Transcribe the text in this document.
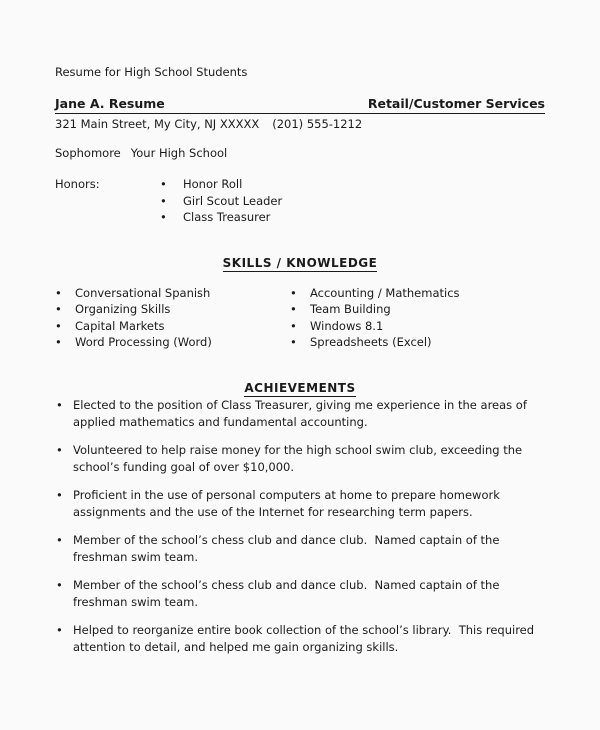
Resume for High School Students
Jane A. Resume	Retail/Customer Services
321 Main Street, My City, NJ XXXXX (201) 555-1212
Sophomore Your High School
Honors: •	Honor Roll
•
Girl Scout Leader
•
Class Treasurer
SKILLS / KNOWLEDGE
•
Conversational Spanish
•
Organizing Skills
•
Capital Markets
•
Word Processing (Word)
•
Accounting / Mathematics
•
Team Building
•
Windows 8.1
•
Spreadsheets (Excel)
ACHIEVEMENTS
•
Elected to the position of Class Treasurer, giving me experience in the areas of applied mathematics and fundamental accounting.
•
Volunteered to help raise money for the high school swim club, exceeding the school’s funding goal of over $10,000.
•
Proficient in the use of personal computers at home to prepare homework assignments and the use of the Internet for researching term papers.
•
Member of the school’s chess club and dance club.  Named captain of the freshman swim team.
•
Member of the school’s chess club and dance club.  Named captain of the freshman swim team.
•
Helped to reorganize entire book collection of the school’s library.  This required attention to detail, and helped me gain organizing skills.
